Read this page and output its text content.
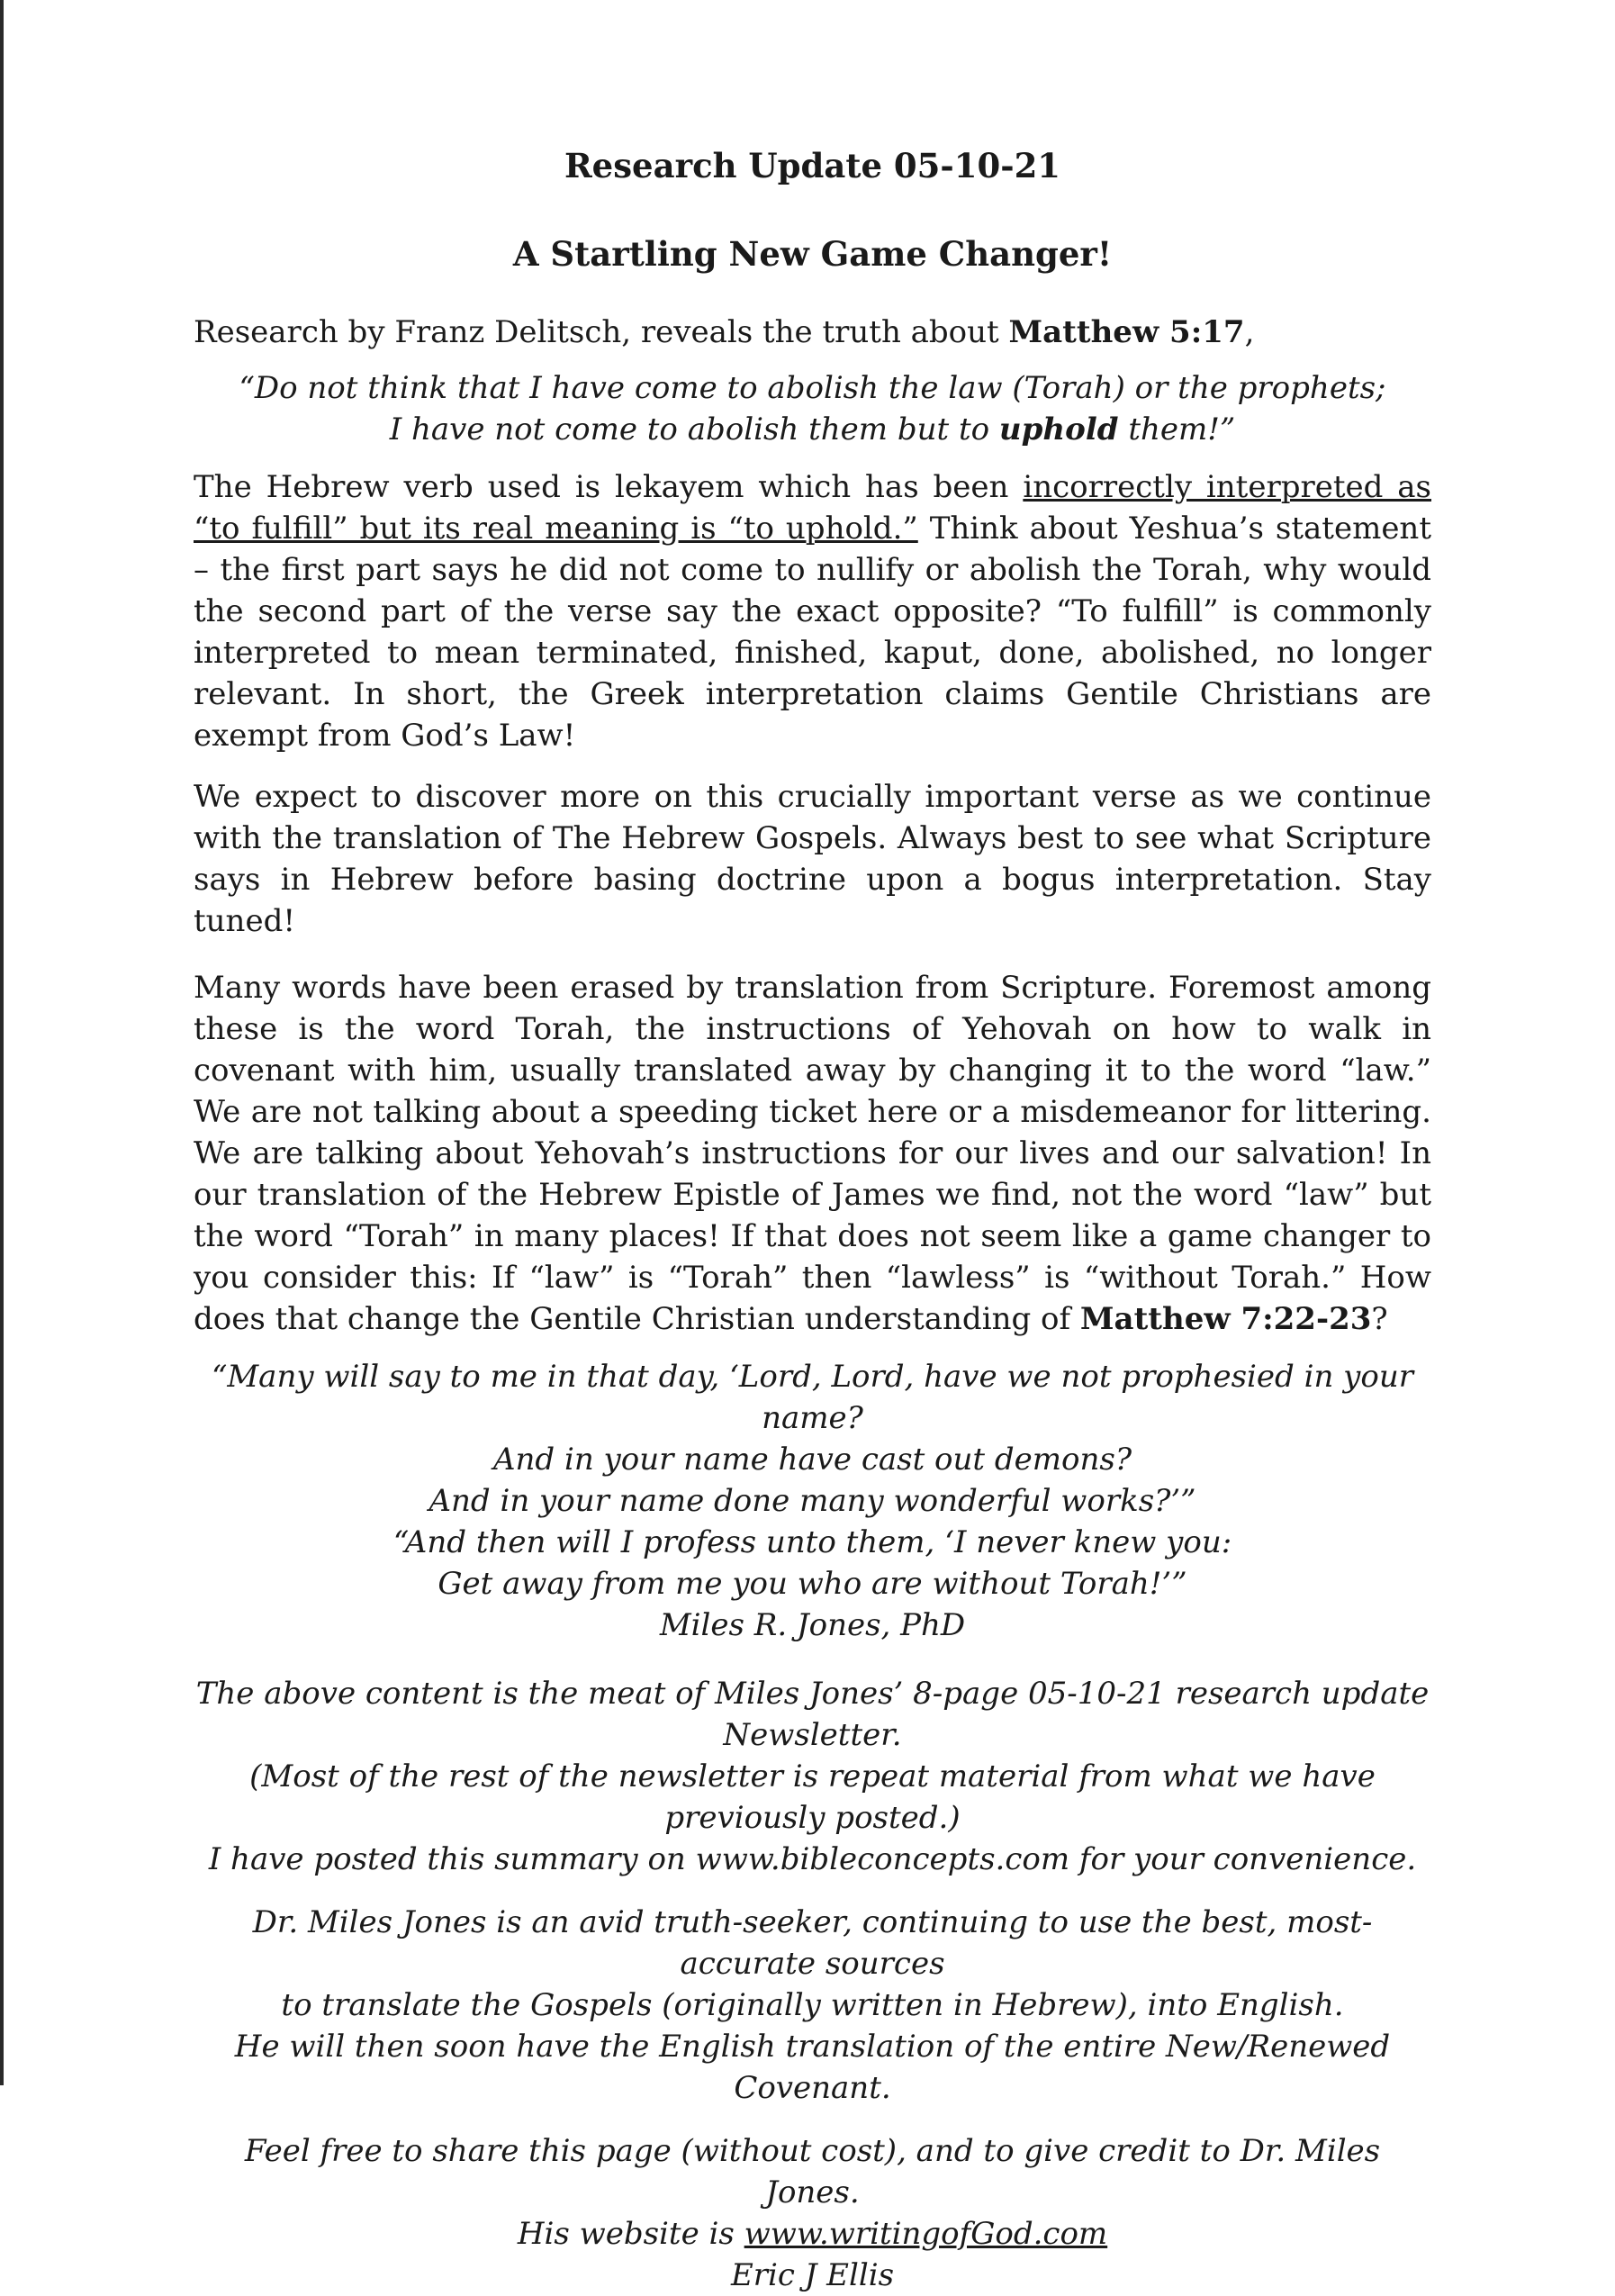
Research Update 05-10-21
A Startling New Game Changer!

Research by Franz Delitsch, reveals the truth about Matthew 5:17,

“Do not think that I have come to abolish the law (Torah) or the prophets;
I have not come to abolish them but to uphold them!”

The Hebrew verb used is lekayem which has been incorrectly interpreted as “to fulfill” but its real meaning is “to uphold.” Think about Yeshua’s statement – the first part says he did not come to nullify or abolish the Torah, why would the second part of the verse say the exact opposite? “To fulfill” is commonly interpreted to mean terminated, finished, kaput, done, abolished, no longer relevant. In short, the Greek interpretation claims Gentile Christians are exempt from God’s Law!

We expect to discover more on this crucially important verse as we continue with the translation of The Hebrew Gospels. Always best to see what Scripture says in Hebrew before basing doctrine upon a bogus interpretation. Stay tuned!

Many words have been erased by translation from Scripture. Foremost among these is the word Torah, the instructions of Yehovah on how to walk in covenant with him, usually translated away by changing it to the word “law.” We are not talking about a speeding ticket here or a misdemeanor for littering. We are talking about Yehovah’s instructions for our lives and our salvation! In our translation of the Hebrew Epistle of James we find, not the word “law” but the word “Torah” in many places! If that does not seem like a game changer to you consider this: If “law” is “Torah” then “lawless” is “without Torah.” How does that change the Gentile Christian understanding of Matthew 7:22-23?

“Many will say to me in that day, ‘Lord, Lord, have we not prophesied in your name?
And in your name have cast out demons?
And in your name done many wonderful works?’”
“And then will I profess unto them, ‘I never knew you:
Get away from me you who are without Torah!’”
Miles R. Jones, PhD

The above content is the meat of Miles Jones’ 8-page 05-10-21 research update Newsletter.
(Most of the rest of the newsletter is repeat material from what we have previously posted.)
I have posted this summary on www.bibleconcepts.com for your convenience.

Dr. Miles Jones is an avid truth-seeker, continuing to use the best, most-accurate sources
to translate the Gospels (originally written in Hebrew), into English.
He will then soon have the English translation of the entire New/Renewed Covenant.

Feel free to share this page (without cost), and to give credit to Dr. Miles Jones.
His website is www.writingofGod.com
Eric J Ellis
